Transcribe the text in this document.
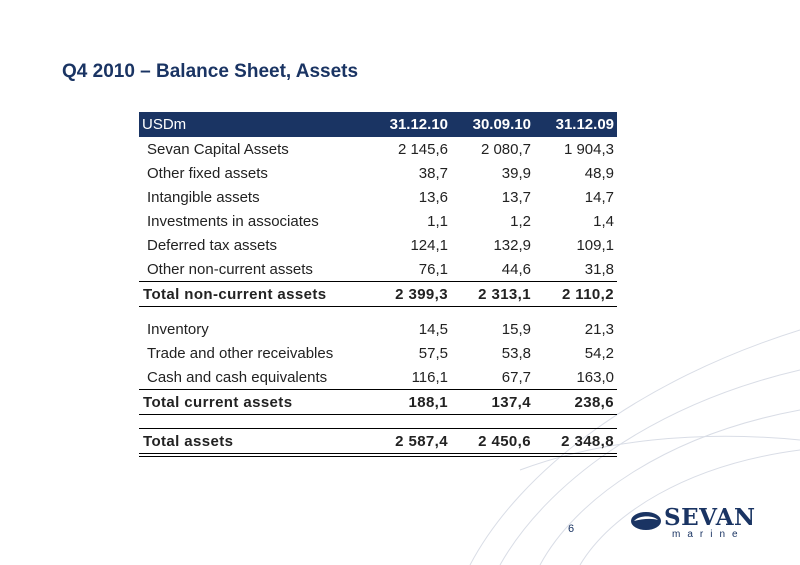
Q4 2010 – Balance Sheet, Assets
USDm	31.12.10	30.09.10	31.12.09
Sevan Capital Assets	2 145,6	2 080,7	1 904,3
Other fixed assets	38,7	39,9	48,9
Intangible assets	13,6	13,7	14,7
Investments in associates	1,1	1,2	1,4
Deferred tax assets	124,1	132,9	109,1
Other non-current assets	76,1	44,6	31,8
Total non-current assets	2 399,3	2 313,1	2 110,2
Inventory	14,5	15,9	21,3
Trade and other receivables	57,5	53,8	54,2
Cash and cash equivalents	116,1	67,7	163,0
Total current assets	188,1	137,4	238,6
Total assets	2 587,4	2 450,6	2 348,8
6	SEVAN
marine
